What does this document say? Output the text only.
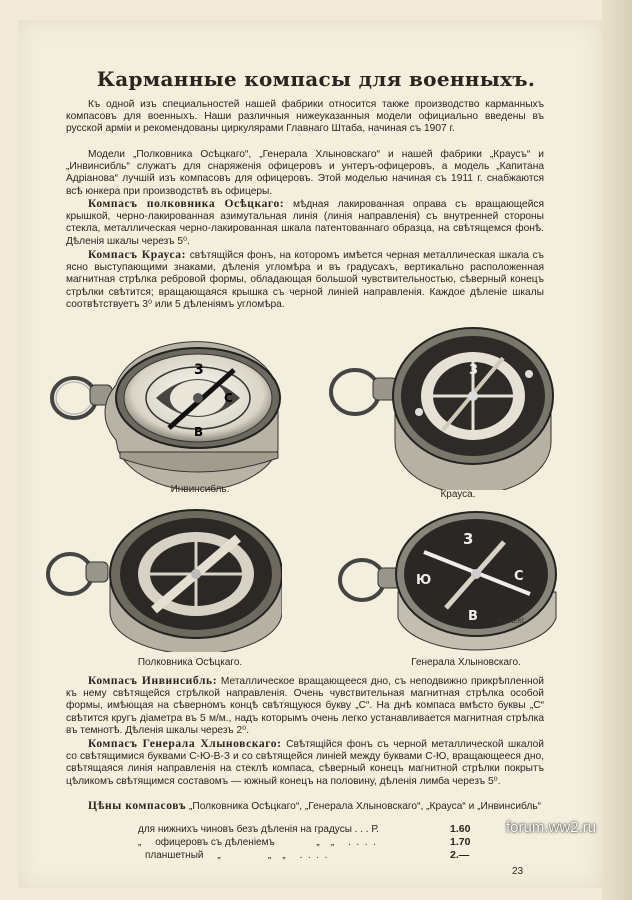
Карманные компасы для военныхъ.

Къ одной изъ специальностей нашей фабрики относится также производство карманныхъ компасовъ для военныхъ. Наши различныя нижеуказанныя модели официально введены въ русской арміи и рекомендованы циркулярами Главнаго Штаба, начиная съ 1907 г.

Модели „Полковника Осѣцкаго“, „Генерала Хлыновскаго“ и нашей фабрики „Краусъ“ и „Инвинсибль“ служатъ для снаряженія офицеровъ и унтеръ-офицеровъ, а модель „Капитана Адріанова“ лучшій изъ компасовъ для офицеровъ. Этой моделью начиная съ 1911 г. снабжаются всѣ юнкера при производствѣ въ офицеры.

Компасъ полковника Осѣцкаго: мѣдная лакированная оправа съ вращающейся крышкой, черно-лакированная азимутальная линія (линія направленія) съ внутренней стороны стекла, металлическая черно-лакированная шкала патентованнаго образца, на свѣтящемся фонѣ. Дѣленія шкалы черезъ 5⁰.

Компасъ Крауса: свѣтящійся фонъ, на которомъ имѣется черная металлическая шкала съ ясно выступающими знаками, дѣленія угломѣра и въ градусахъ, вертикально расположенная магнитная стрѣлка ребровой формы, обладающая большой чувствительностью, сѣверный конецъ стрѣлки свѣтится; вращающаяся крышка съ черной линіей направленія. Каждое дѣленіе шкалы соотвѣтствуетъ 3⁰ или 5 дѣленіямъ угломѣра.

3
C
B
Инвинсибль.
3
Крауса.
Полковника Осѣцкаго.
3
C
Ю
B	L.MEINERT
Генерала Хлыновскаго.

Компасъ Инвинсибль: Металлическое вращающееся дно, съ неподвижно прикрѣпленной къ нему свѣтящейся стрѣлкой направленія. Очень чувствительная магнитная стрѣлка особой формы, имѣющая на сѣверномъ концѣ свѣтящуюся букву „С“. На днѣ компаса вмѣсто буквы „С“ свѣтится кругъ діаметра въ 5 м/м., надъ которымъ очень легко устанавливается магнитная стрѣлка въ темнотѣ. Дѣленія шкалы черезъ 2⁰.

Компасъ Генерала Хлыновскаго: Свѣтящійся фонъ съ черной металлической шкалой со свѣтящимися буквами С-Ю-В-З и со свѣтящейся линіей между буквами С-Ю, вращающееся дно, свѣтящаяся линія направленія на стеклѣ компаса, сѣверный конецъ магнитной стрѣлки покрытъ цѣликомъ свѣтящимся составомъ — южный конецъ на половину, дѣленія лимба черезъ 5⁰.

Цѣны компасовъ „Полковника Осѣцкаго“, „Генерала Хлыновскаго“, „Крауса“ и „Инвинсибль“
для нижнихъ чиновъ безъ дѣленія на градусы . . . Р.	1.60
„     офицеровъ съ дѣленіемъ               „    „     .  .  .  .	1.70
планшетный     „                 „    „     .  .  .  .	2.—
23
forum.ww2.ru
